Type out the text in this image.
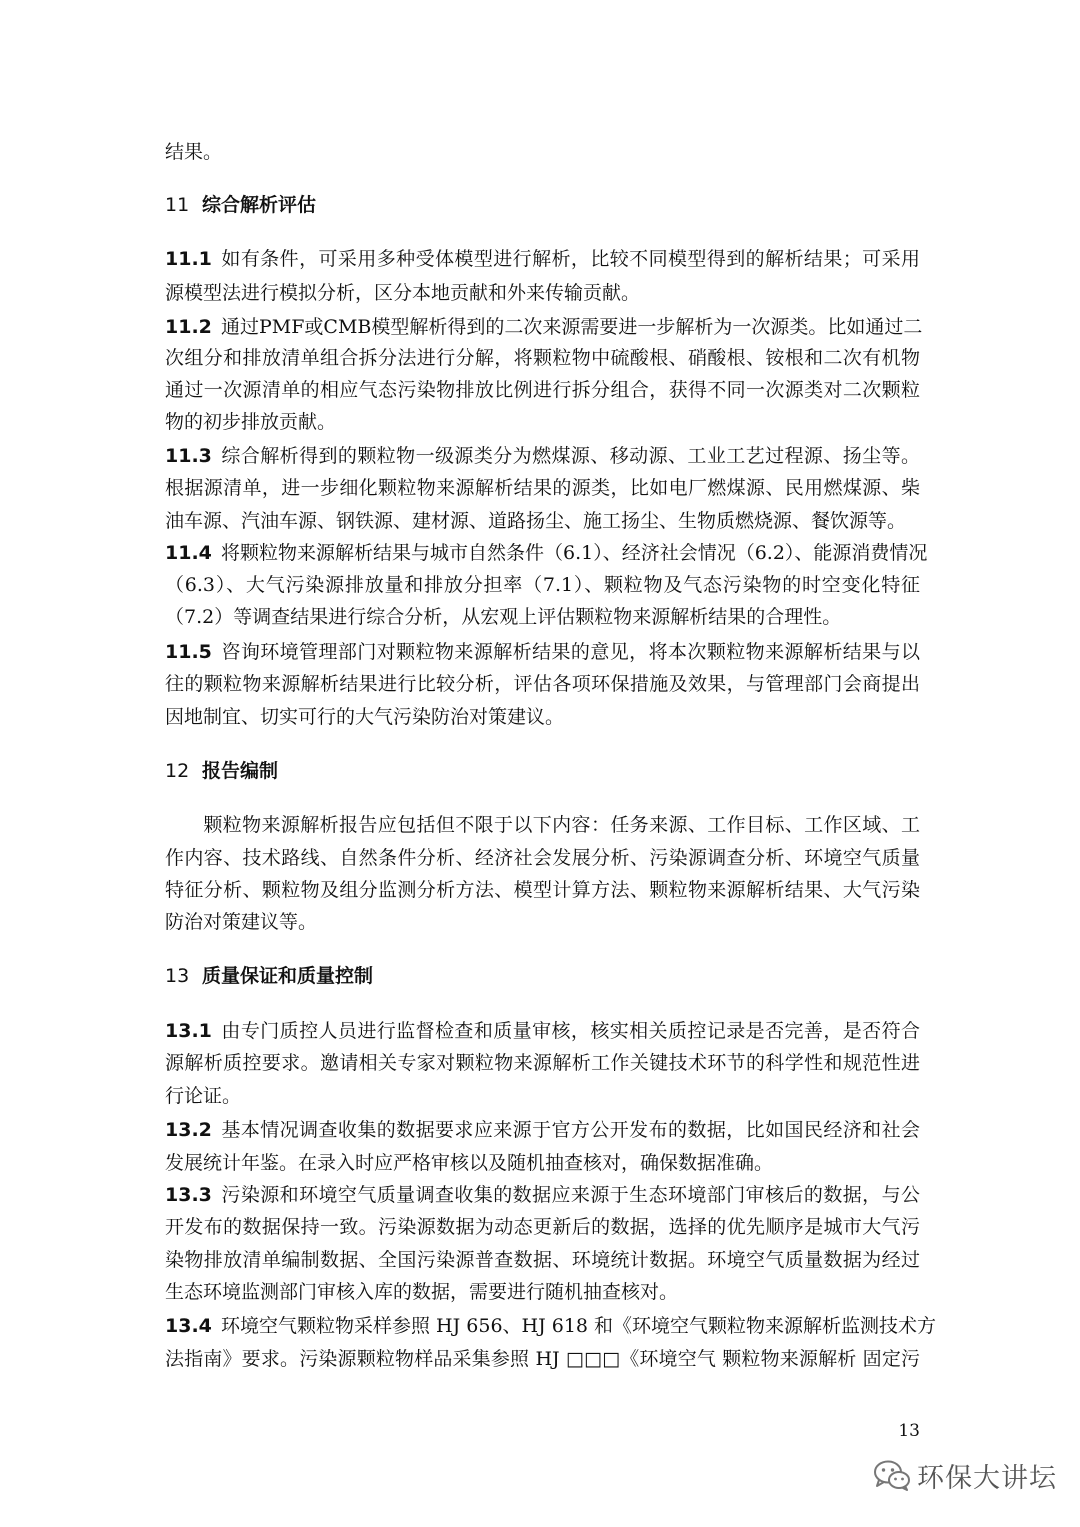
结果。
11 综合解析评估
11.1 如有条件，可采用多种受体模型进行解析，比较不同模型得到的解析结果；可采用
源模型法进行模拟分析，区分本地贡献和外来传输贡献。
11.2 通过PMF或CMB模型解析得到的二次来源需要进一步解析为一次源类。比如通过二
次组分和排放清单组合拆分法进行分解，将颗粒物中硫酸根、硝酸根、铵根和二次有机物
通过一次源清单的相应气态污染物排放比例进行拆分组合，获得不同一次源类对二次颗粒
物的初步排放贡献。
11.3 综合解析得到的颗粒物一级源类分为燃煤源、移动源、工业工艺过程源、扬尘等。
根据源清单，进一步细化颗粒物来源解析结果的源类，比如电厂燃煤源、民用燃煤源、柴
油车源、汽油车源、钢铁源、建材源、道路扬尘、施工扬尘、生物质燃烧源、餐饮源等。
11.4 将颗粒物来源解析结果与城市自然条件（6.1）、经济社会情况（6.2）、能源消费情况
（6.3）、大气污染源排放量和排放分担率（7.1）、颗粒物及气态污染物的时空变化特征
（7.2）等调查结果进行综合分析，从宏观上评估颗粒物来源解析结果的合理性。
11.5 咨询环境管理部门对颗粒物来源解析结果的意见，将本次颗粒物来源解析结果与以
往的颗粒物来源解析结果进行比较分析，评估各项环保措施及效果，与管理部门会商提出
因地制宜、切实可行的大气污染防治对策建议。
12 报告编制
颗粒物来源解析报告应包括但不限于以下内容：任务来源、工作目标、工作区域、工
作内容、技术路线、自然条件分析、经济社会发展分析、污染源调查分析、环境空气质量
特征分析、颗粒物及组分监测分析方法、模型计算方法、颗粒物来源解析结果、大气污染
防治对策建议等。
13 质量保证和质量控制
13.1 由专门质控人员进行监督检查和质量审核，核实相关质控记录是否完善，是否符合
源解析质控要求。邀请相关专家对颗粒物来源解析工作关键技术环节的科学性和规范性进
行论证。
13.2 基本情况调查收集的数据要求应来源于官方公开发布的数据，比如国民经济和社会
发展统计年鉴。在录入时应严格审核以及随机抽查核对，确保数据准确。
13.3 污染源和环境空气质量调查收集的数据应来源于生态环境部门审核后的数据，与公
开发布的数据保持一致。污染源数据为动态更新后的数据，选择的优先顺序是城市大气污
染物排放清单编制数据、全国污染源普查数据、环境统计数据。环境空气质量数据为经过
生态环境监测部门审核入库的数据，需要进行随机抽查核对。
13.4 环境空气颗粒物采样参照 HJ 656、HJ 618 和《环境空气颗粒物来源解析监测技术方
法指南》要求。污染源颗粒物样品采集参照 HJ □□□《环境空气 颗粒物来源解析 固定污
13
环保大讲坛
